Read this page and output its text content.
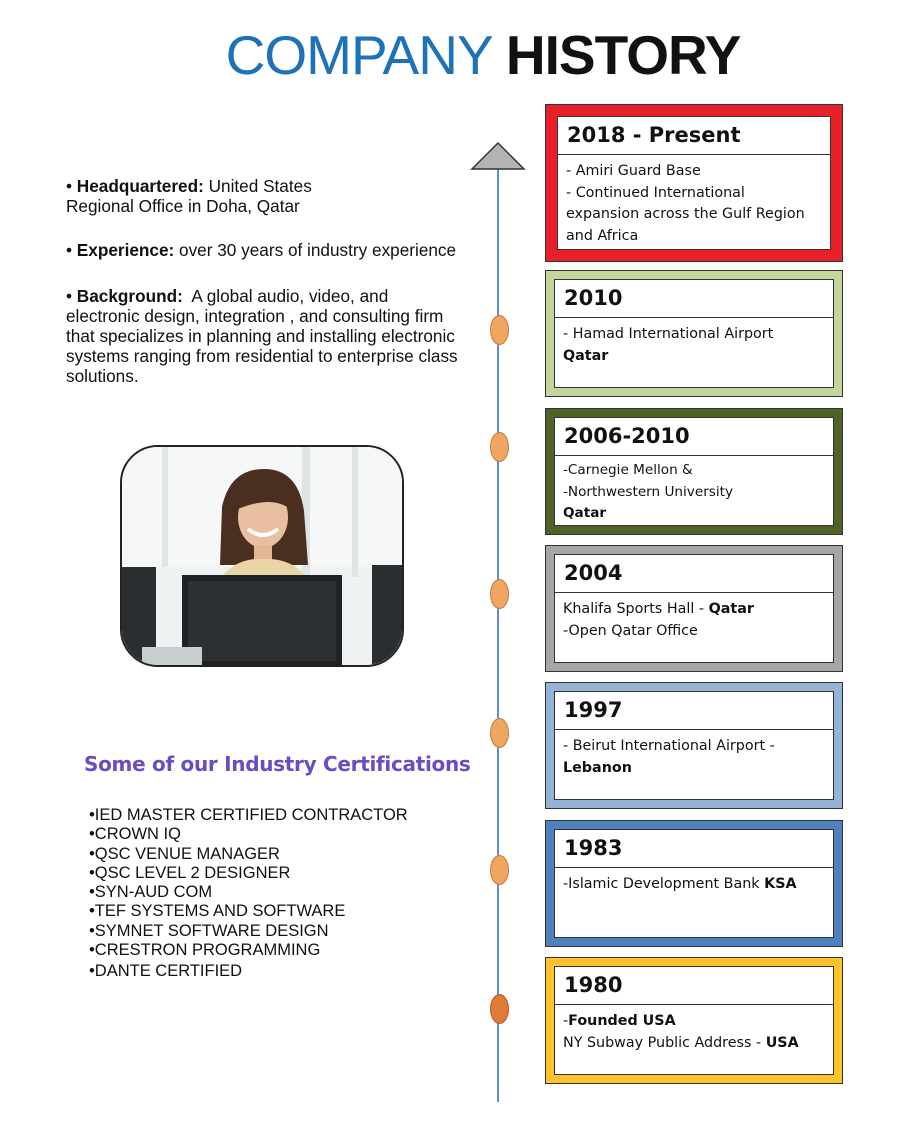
COMPANY HISTORY
• Headquartered: United States
Regional Office in Doha, Qatar
• Experience: over 30 years of industry experience
• Background: A global audio, video, and
electronic design, integration , and consulting firm
that specializes in planning and installing electronic
systems ranging from residential to enterprise class
solutions.
Some of our Industry Certifications
•IED MASTER CERTIFIED CONTRACTOR
•CROWN IQ
•QSC VENUE MANAGER
•QSC LEVEL 2 DESIGNER
•SYN-AUD COM
•TEF SYSTEMS AND SOFTWARE
•SYMNET SOFTWARE DESIGN
•CRESTRON PROGRAMMING
•DANTE CERTIFIED
2018 - Present
- Amiri Guard Base
- Continued International
expansion across the Gulf Region
and Africa
2010
- Hamad International Airport
Qatar
2006-2010
-Carnegie Mellon &
-Northwestern University
Qatar
2004
Khalifa Sports Hall - Qatar
-Open Qatar Office
1997
- Beirut International Airport -
Lebanon
1983
-Islamic Development Bank KSA
1980
-Founded USA
NY Subway Public Address - USA
